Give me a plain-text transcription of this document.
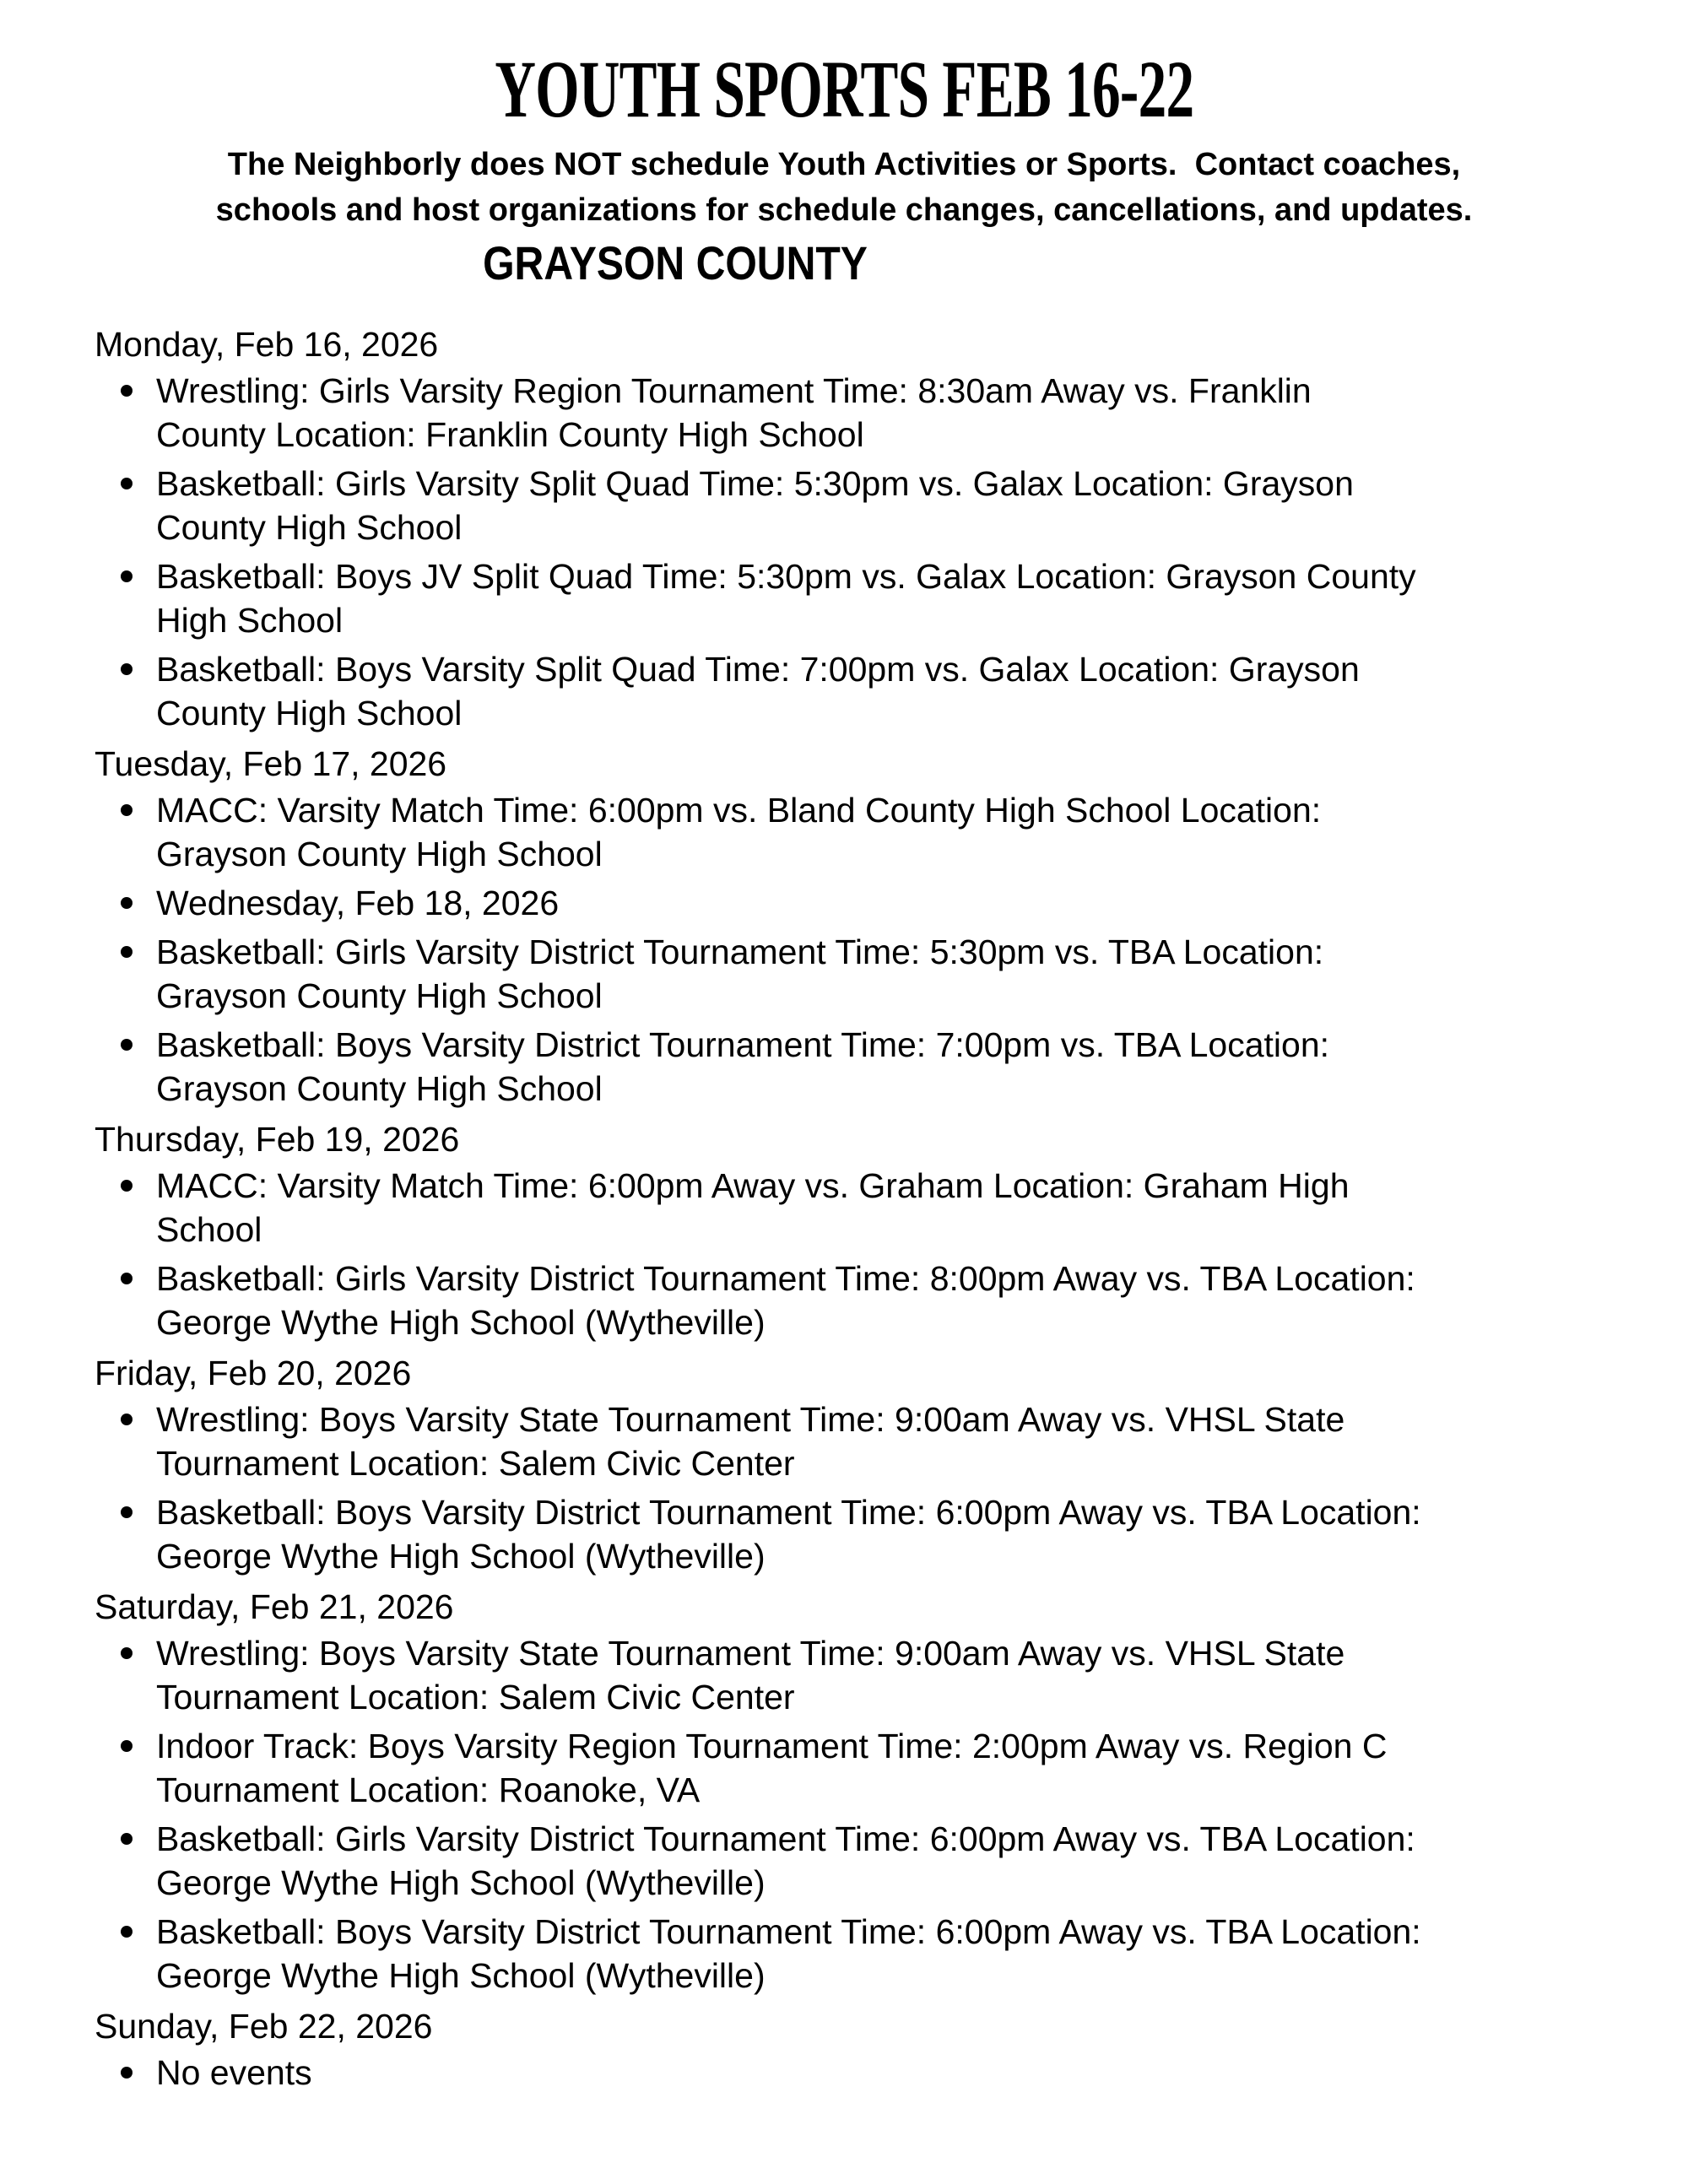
YOUTH SPORTS FEB 16-22

The Neighborly does NOT schedule Youth Activities or Sports.  Contact coaches,
schools and host organizations for schedule changes, cancellations, and updates.

GRAYSON COUNTY
Monday, Feb 16, 2026
Wrestling: Girls Varsity Region Tournament Time: 8:30am Away vs. Franklin County Location: Franklin County High School
Basketball: Girls Varsity Split Quad Time: 5:30pm vs. Galax Location: Grayson County High School
Basketball: Boys JV Split Quad Time: 5:30pm vs. Galax Location: Grayson County High School
Basketball: Boys Varsity Split Quad Time: 7:00pm vs. Galax Location: Grayson County High School
Tuesday, Feb 17, 2026
MACC: Varsity Match Time: 6:00pm vs. Bland County High School Location: Grayson County High School
Wednesday, Feb 18, 2026
Basketball: Girls Varsity District Tournament Time: 5:30pm vs. TBA Location: Grayson County High School
Basketball: Boys Varsity District Tournament Time: 7:00pm vs. TBA Location: Grayson County High School
Thursday, Feb 19, 2026
MACC: Varsity Match Time: 6:00pm Away vs. Graham Location: Graham High School
Basketball: Girls Varsity District Tournament Time: 8:00pm Away vs. TBA Location: George Wythe High School (Wytheville)
Friday, Feb 20, 2026
Wrestling: Boys Varsity State Tournament Time: 9:00am Away vs. VHSL State Tournament Location: Salem Civic Center
Basketball: Boys Varsity District Tournament Time: 6:00pm Away vs. TBA Location: George Wythe High School (Wytheville)
Saturday, Feb 21, 2026
Wrestling: Boys Varsity State Tournament Time: 9:00am Away vs. VHSL State Tournament Location: Salem Civic Center
Indoor Track: Boys Varsity Region Tournament Time: 2:00pm Away vs. Region C Tournament Location: Roanoke, VA
Basketball: Girls Varsity District Tournament Time: 6:00pm Away vs. TBA Location: George Wythe High School (Wytheville)
Basketball: Boys Varsity District Tournament Time: 6:00pm Away vs. TBA Location: George Wythe High School (Wytheville)
Sunday, Feb 22, 2026
No events
